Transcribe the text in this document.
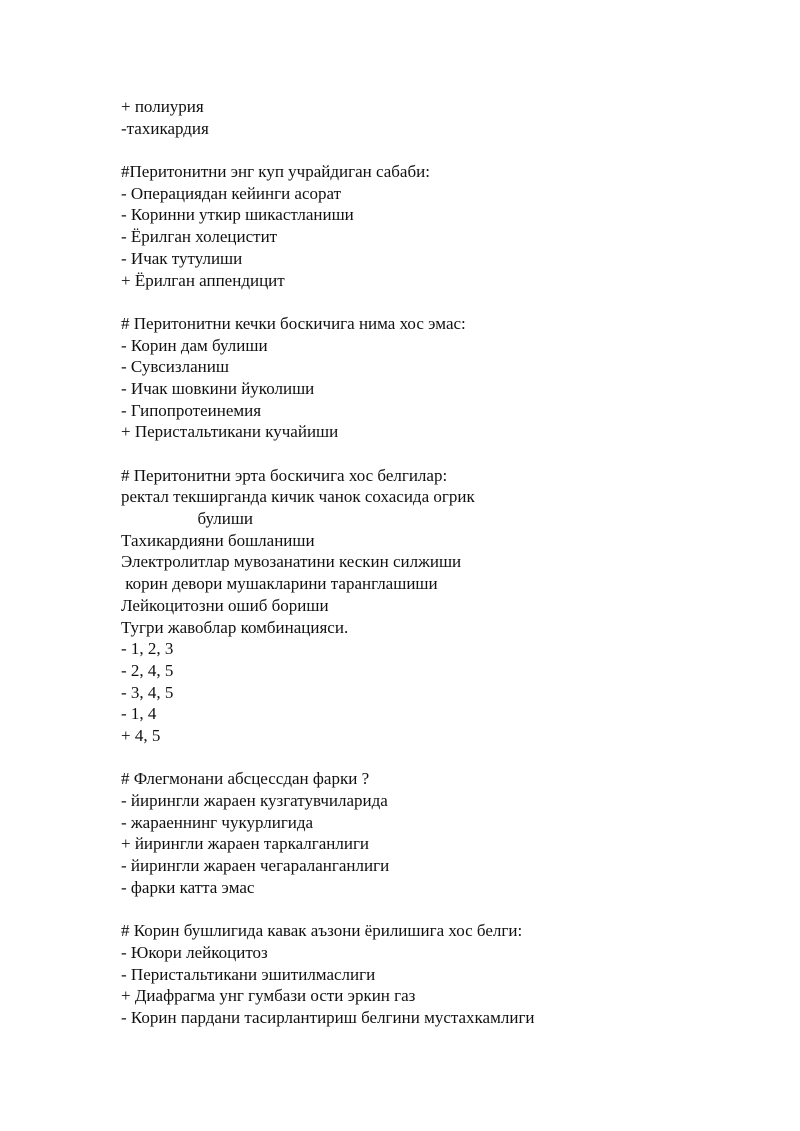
+ полиурия
-тахикардия
#Перитонитни энг куп учрайдиган сабаби:
- Операциядан кейинги асорат
- Коринни уткир шикастланиши
- Ёрилган холецистит
- Ичак тутулиши
+ Ёрилган аппендицит
# Перитонитни кечки боскичига нима хос эмас:
- Корин дам булиши
- Сувсизланиш
- Ичак шовкини йуколиши
- Гипопротеинемия
+ Перистальтикани кучайиши
# Перитонитни эрта боскичига хос белгилар:
ректал текширганда кичик чанок сохасида огрик
булиши
Тахикардияни бошланиши
Электролитлар мувозанатини кескин силжиши
корин девори мушакларини таранглашиши
Лейкоцитозни ошиб бориши
Тугри жавоблар комбинацияси.
- 1, 2, 3
- 2, 4, 5
- 3, 4, 5
- 1, 4
+ 4, 5
# Флегмонани абсцессдан фарки ?
- йирингли жараен кузгатувчиларида
- жараеннинг чукурлигида
+ йирингли жараен таркалганлиги
- йирингли жараен чегараланганлиги
- фарки катта эмас
# Корин бушлигида кавак аъзони ёрилишига хос белги:
- Юкори лейкоцитоз
- Перистальтикани эшитилмаслиги
+ Диафрагма унг гумбази ости эркин газ
- Корин пардани тасирлантириш белгини мустахкамлиги
